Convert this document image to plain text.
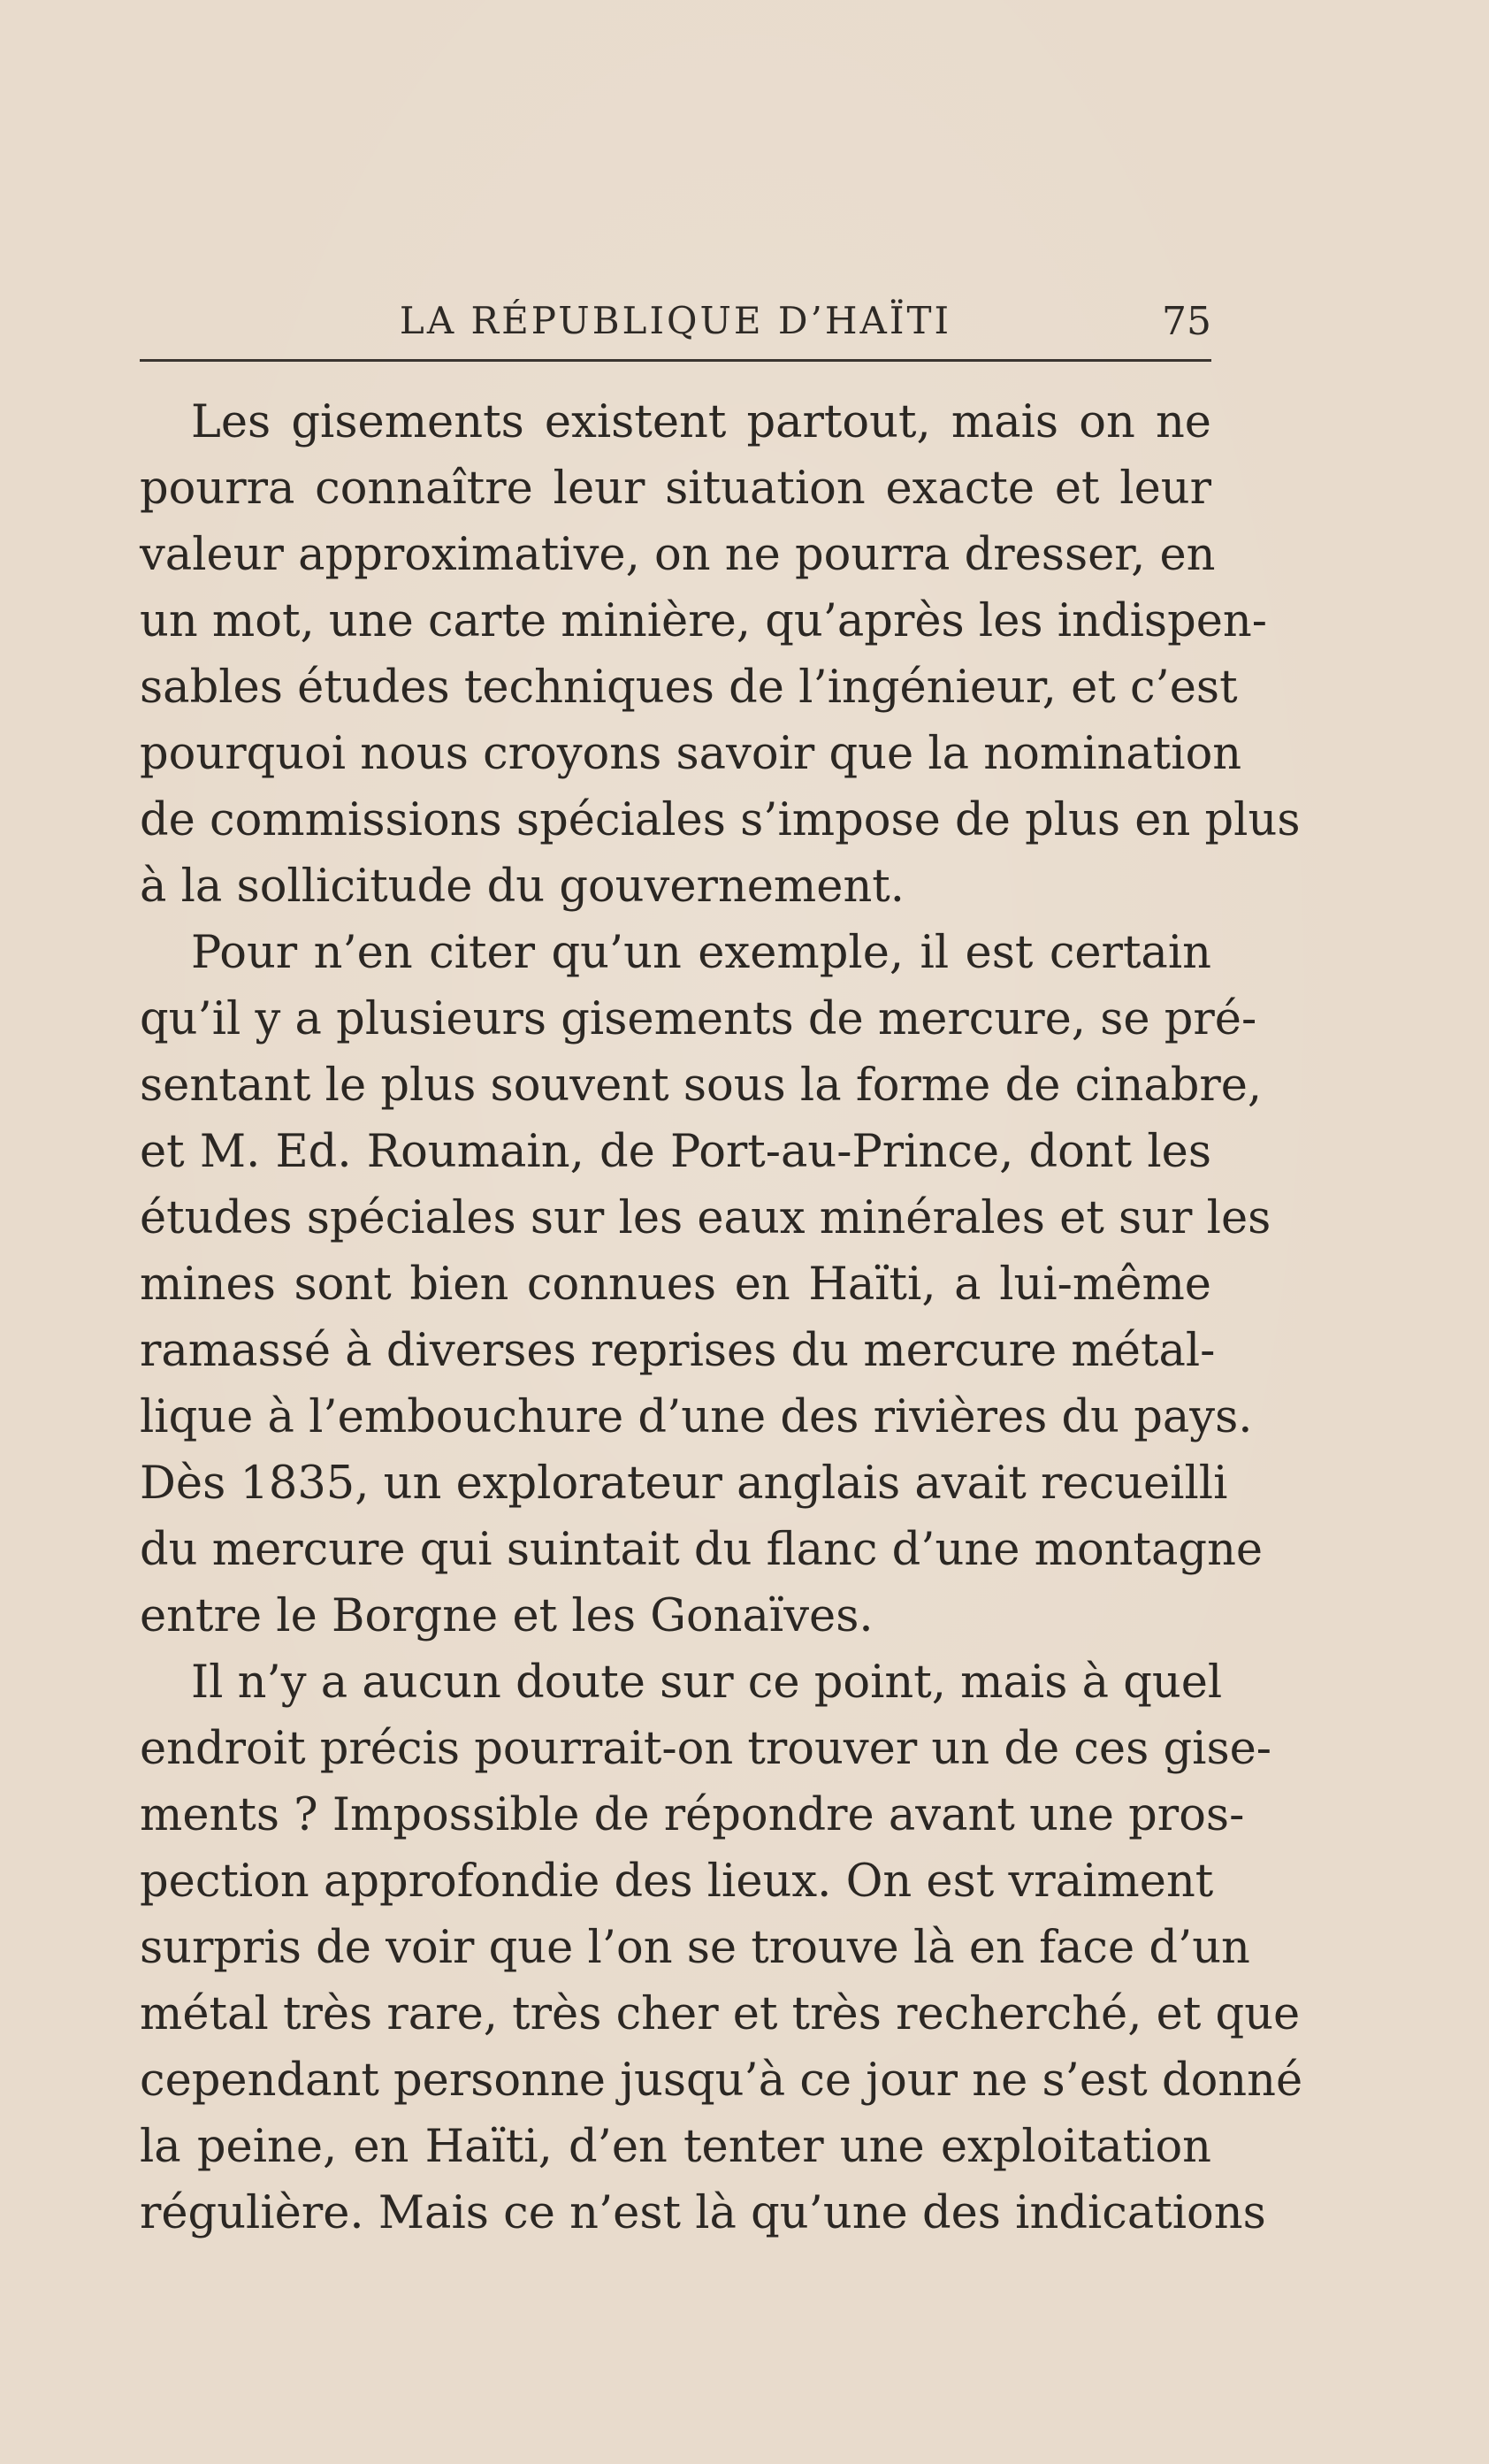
LA RÉPUBLIQUE D’HAÏTI	75
Les gisements existent partout, mais on ne
pourra connaître leur situation exacte et leur
valeur approximative, on ne pourra dresser, en
un mot, une carte minière, qu’après les indispen-
sables études techniques de l’ingénieur, et c’est
pourquoi nous croyons savoir que la nomination
de commissions spéciales s’impose de plus en plus
à la sollicitude du gouvernement.
Pour n’en citer qu’un exemple, il est certain
qu’il y a plusieurs gisements de mercure, se pré-
sentant le plus souvent sous la forme de cinabre,
et M. Ed. Roumain, de Port-au-Prince, dont les
études spéciales sur les eaux minérales et sur les
mines sont bien connues en Haïti, a lui-même
ramassé à diverses reprises du mercure métal-
lique à l’embouchure d’une des rivières du pays.
Dès 1835, un explorateur anglais avait recueilli
du mercure qui suintait du flanc d’une montagne
entre le Borgne et les Gonaïves.
Il n’y a aucun doute sur ce point, mais à quel
endroit précis pourrait-on trouver un de ces gise-
ments ? Impossible de répondre avant une pros-
pection approfondie des lieux. On est vraiment
surpris de voir que l’on se trouve là en face d’un
métal très rare, très cher et très recherché, et que
cependant personne jusqu’à ce jour ne s’est donné
la peine, en Haïti, d’en tenter une exploitation
régulière. Mais ce n’est là qu’une des indications
